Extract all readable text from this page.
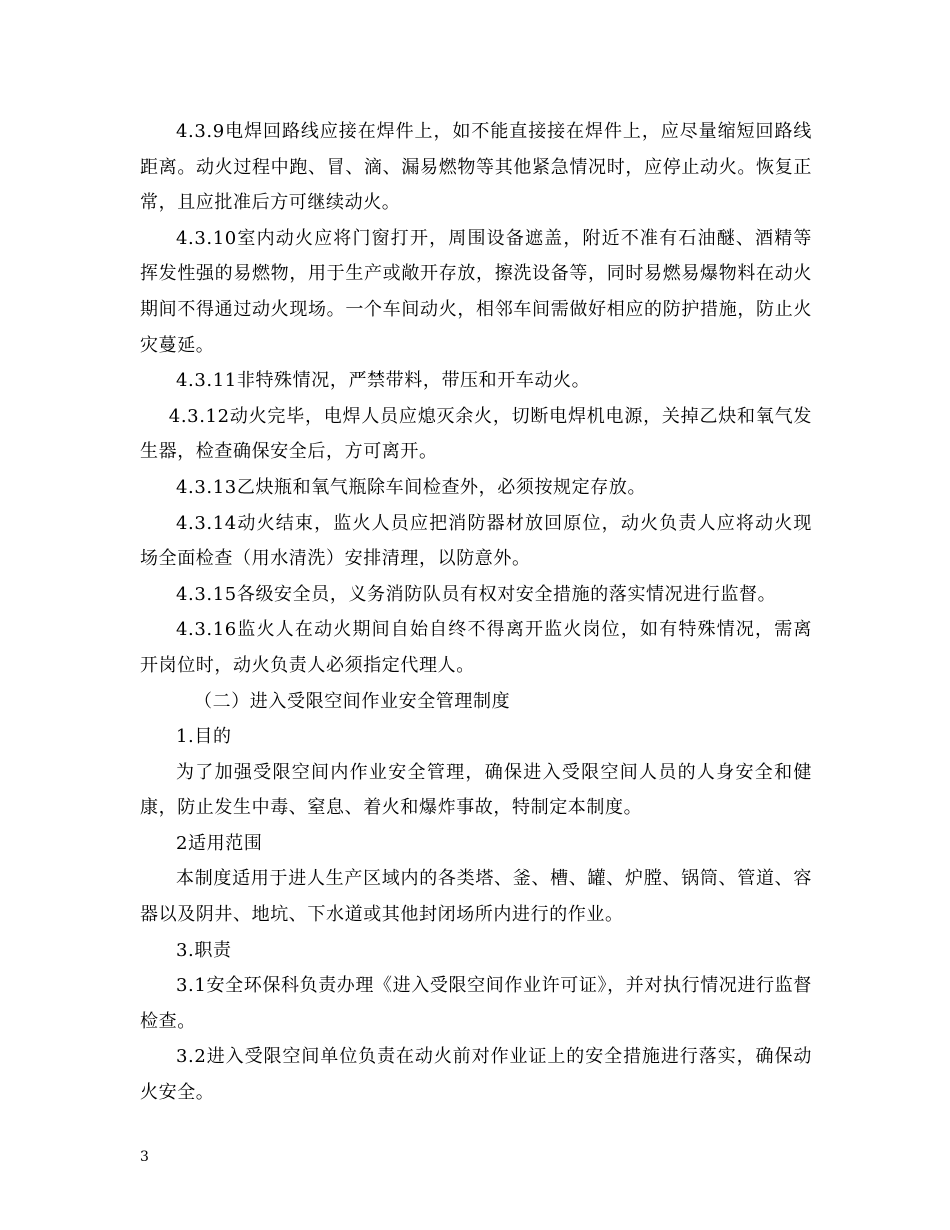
4.3.9电焊回路线应接在焊件上，如不能直接接在焊件上，应尽量缩短回路线距离。动火过程中跑、冒、滴、漏易燃物等其他紧急情况时，应停止动火。恢复正常，且应批准后方可继续动火。

4.3.10室内动火应将门窗打开，周围设备遮盖，附近不准有石油醚、酒精等挥发性强的易燃物，用于生产或敞开存放，擦洗设备等，同时易燃易爆物料在动火期间不得通过动火现场。一个车间动火，相邻车间需做好相应的防护措施，防止火灾蔓延。

4.3.11非特殊情况，严禁带料，带压和开车动火。

4.3.12动火完毕，电焊人员应熄灭余火，切断电焊机电源，关掉乙炔和氧气发生器，检查确保安全后，方可离开。

4.3.13乙炔瓶和氧气瓶除车间检查外，必须按规定存放。

4.3.14动火结束，监火人员应把消防器材放回原位，动火负责人应将动火现场全面检查（用水清洗）安排清理，以防意外。

4.3.15各级安全员，义务消防队员有权对安全措施的落实情况进行监督。

4.3.16监火人在动火期间自始自终不得离开监火岗位，如有特殊情况，需离开岗位时，动火负责人必须指定代理人。

（二）进入受限空间作业安全管理制度

1.目的

为了加强受限空间内作业安全管理，确保进入受限空间人员的人身安全和健康，防止发生中毒、窒息、着火和爆炸事故，特制定本制度。

2适用范围

本制度适用于进人生产区域内的各类塔、釜、槽、罐、炉膛、锅筒、管道、容器以及阴井、地坑、下水道或其他封闭场所内进行的作业。

3.职责

3.1安全环保科负责办理《进入受限空间作业许可证》，并对执行情况进行监督检查。

3.2进入受限空间单位负责在动火前对作业证上的安全措施进行落实，确保动火安全。

3
